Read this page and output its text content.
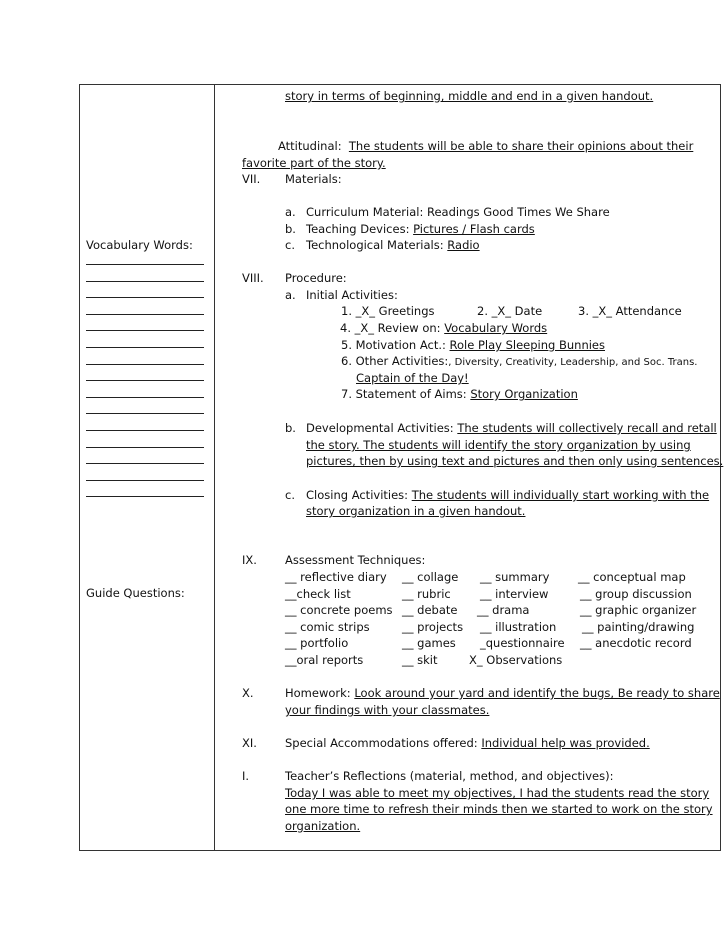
Vocabulary Words:
Guide Questions:
story in terms of beginning, middle and end in a given handout.
Attitudinal: The students will be able to share their opinions about their
favorite part of the story.
VII. Materials:
a. Curriculum Material: Readings Good Times We Share
b. Teaching Devices: Pictures / Flash cards
c. Technological Materials: Radio
VIII. Procedure:
a. Initial Activities:
1. _X_ Greetings	2. _X_ Date	3. _X_ Attendance
4. _X_ Review on: Vocabulary Words
5. Motivation Act.: Role Play Sleeping Bunnies
6. Other Activities:, Diversity, Creativity, Leadership, and Soc. Trans.
Captain of the Day!
7. Statement of Aims: Story Organization
b. Developmental Activities: The students will collectively recall and retall
the story. The students will identify the story organization by using
pictures, then by using text and pictures and then only using sentences.
c. Closing Activities: The students will individually start working with the
story organization in a given handout.
IX. Assessment Techniques:
__ reflective diary __ collage __ summary __ conceptual map
__check list	__ rubric	__ interview	__ group discussion
__ concrete poems __ debate __ drama	__ graphic organizer
__ comic strips	__ projects __ illustration __ painting/drawing
__ portfolio	__ games _questionnaire __ anecdotic record
__oral reports	__ skit	X_ Observations
X.	Homework: Look around your yard and identify the bugs, Be ready to share
your findings with your classmates.
XI. Special Accommodations offered: Individual help was provided.
I.	Teacher’s Reflections (material, method, and objectives):
Today I was able to meet my objectives, I had the students read the story
one more time to refresh their minds then we started to work on the story
organization.
